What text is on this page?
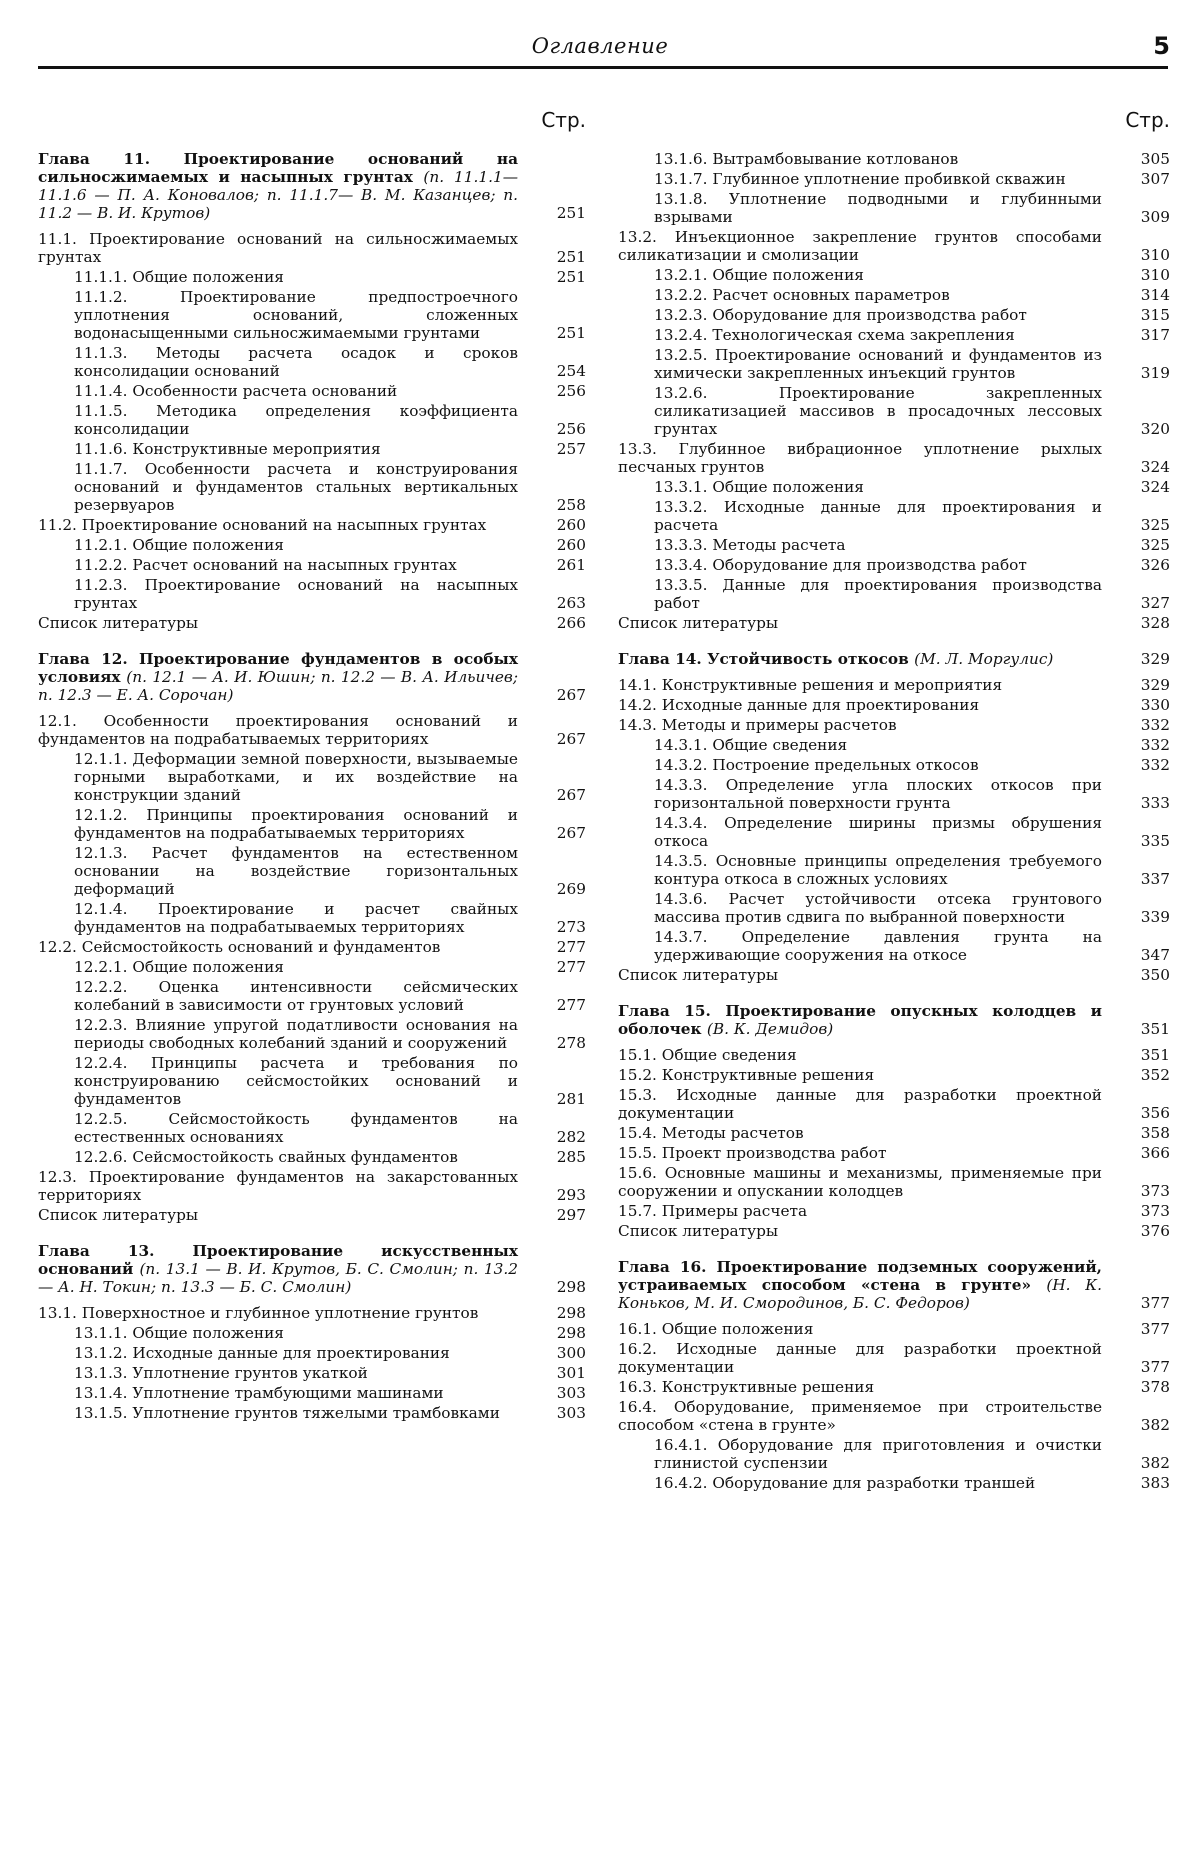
Оглавление	5
Стр.
Глава 11. Проектирование оснований на сильносжимаемых и насыпных грунтах (п. 11.1.1—11.1.6 — П. А. Коновалов; п. 11.1.7— В. М. Казанцев; п. 11.2 — В. И. Крутов)	251
11.1. Проектирование оснований на сильносжимаемых грунтах	251
11.1.1. Общие положения	251
11.1.2. Проектирование предпостроечного уплотнения оснований, сложенных водонасыщенными сильносжимаемыми грунтами	251
11.1.3. Методы расчета осадок и сроков консолидации оснований	254
11.1.4. Особенности расчета оснований	256
11.1.5. Методика определения коэффициента консолидации	256
11.1.6. Конструктивные мероприятия	257
11.1.7. Особенности расчета и конструирования оснований и фундаментов стальных вертикальных резервуаров	258
11.2. Проектирование оснований на насыпных грунтах	260
11.2.1. Общие положения	260
11.2.2. Расчет оснований на насыпных грунтах	261
11.2.3. Проектирование оснований на насыпных грунтах	263
Список литературы	266
Глава 12. Проектирование фундаментов в особых условиях (п. 12.1 — А. И. Юшин; п. 12.2 — В. А. Ильичев; п. 12.3 — Е. А. Сорочан)	267
12.1. Особенности проектирования оснований и фундаментов на подрабатываемых территориях	267
12.1.1. Деформации земной поверхности, вызываемые горными выработками, и их воздействие на конструкции зданий	267
12.1.2. Принципы проектирования оснований и фундаментов на подрабатываемых территориях	267
12.1.3. Расчет фундаментов на естественном основании на воздействие горизонтальных деформаций	269
12.1.4. Проектирование и расчет свайных фундаментов на подрабатываемых территориях	273
12.2. Сейсмостойкость оснований и фундаментов	277
12.2.1. Общие положения	277
12.2.2. Оценка интенсивности сейсмических колебаний в зависимости от грунтовых условий	277
12.2.3. Влияние упругой податливости основания на периоды свободных колебаний зданий и сооружений	278
12.2.4. Принципы расчета и требования по конструированию сейсмостойких оснований и фундаментов	281
12.2.5. Сейсмостойкость фундаментов на естественных основаниях	282
12.2.6. Сейсмостойкость свайных фундаментов	285
12.3. Проектирование фундаментов на закарстованных территориях	293
Список литературы	297
Глава 13. Проектирование искусственных оснований (п. 13.1 — В. И. Крутов, Б. С. Смолин; п. 13.2 — А. Н. Токин; п. 13.3 — Б. С. Смолин)	298
13.1. Поверхностное и глубинное уплотнение грунтов	298
13.1.1. Общие положения	298
13.1.2. Исходные данные для проектирования	300
13.1.3. Уплотнение грунтов укаткой	301
13.1.4. Уплотнение трамбующими машинами	303
13.1.5. Уплотнение грунтов тяжелыми трамбовками	303
Стр.
13.1.6. Вытрамбовывание котлованов	305
13.1.7. Глубинное уплотнение пробивкой скважин	307
13.1.8. Уплотнение подводными и глубинными взрывами	309
13.2. Инъекционное закрепление грунтов способами силикатизации и смолизации	310
13.2.1. Общие положения	310
13.2.2. Расчет основных параметров	314
13.2.3. Оборудование для производства работ	315
13.2.4. Технологическая схема закрепления	317
13.2.5. Проектирование оснований и фундаментов из химически закрепленных инъекций грунтов	319
13.2.6. Проектирование закрепленных силикатизацией массивов в просадочных лессовых грунтах	320
13.3. Глубинное вибрационное уплотнение рыхлых песчаных грунтов	324
13.3.1. Общие положения	324
13.3.2. Исходные данные для проектирования и расчета	325
13.3.3. Методы расчета	325
13.3.4. Оборудование для производства работ	326
13.3.5. Данные для проектирования производства работ	327
Список литературы	328
Глава 14. Устойчивость откосов (М. Л. Моргулис)	329
14.1. Конструктивные решения и мероприятия	329
14.2. Исходные данные для проектирования	330
14.3. Методы и примеры расчетов	332
14.3.1. Общие сведения	332
14.3.2. Построение предельных откосов	332
14.3.3. Определение угла плоских откосов при горизонтальной поверхности грунта	333
14.3.4. Определение ширины призмы обрушения откоса	335
14.3.5. Основные принципы определения требуемого контура откоса в сложных условиях	337
14.3.6. Расчет устойчивости отсека грунтового массива против сдвига по выбранной поверхности	339
14.3.7. Определение давления грунта на удерживающие сооружения на откосе	347
Список литературы	350
Глава 15. Проектирование опускных колодцев и оболочек (В. К. Демидов)	351
15.1. Общие сведения	351
15.2. Конструктивные решения	352
15.3. Исходные данные для разработки проектной документации	356
15.4. Методы расчетов	358
15.5. Проект производства работ	366
15.6. Основные машины и механизмы, применяемые при сооружении и опускании колодцев	373
15.7. Примеры расчета	373
Список литературы	376
Глава 16. Проектирование подземных сооружений, устраиваемых способом «стена в грунте» (Н. К. Коньков, М. И. Смородинов, Б. С. Федоров)	377
16.1. Общие положения	377
16.2. Исходные данные для разработки проектной документации	377
16.3. Конструктивные решения	378
16.4. Оборудование, применяемое при строительстве способом «стена в грунте»	382
16.4.1. Оборудование для приготовления и очистки глинистой суспензии	382
16.4.2. Оборудование для разработки траншей	383
